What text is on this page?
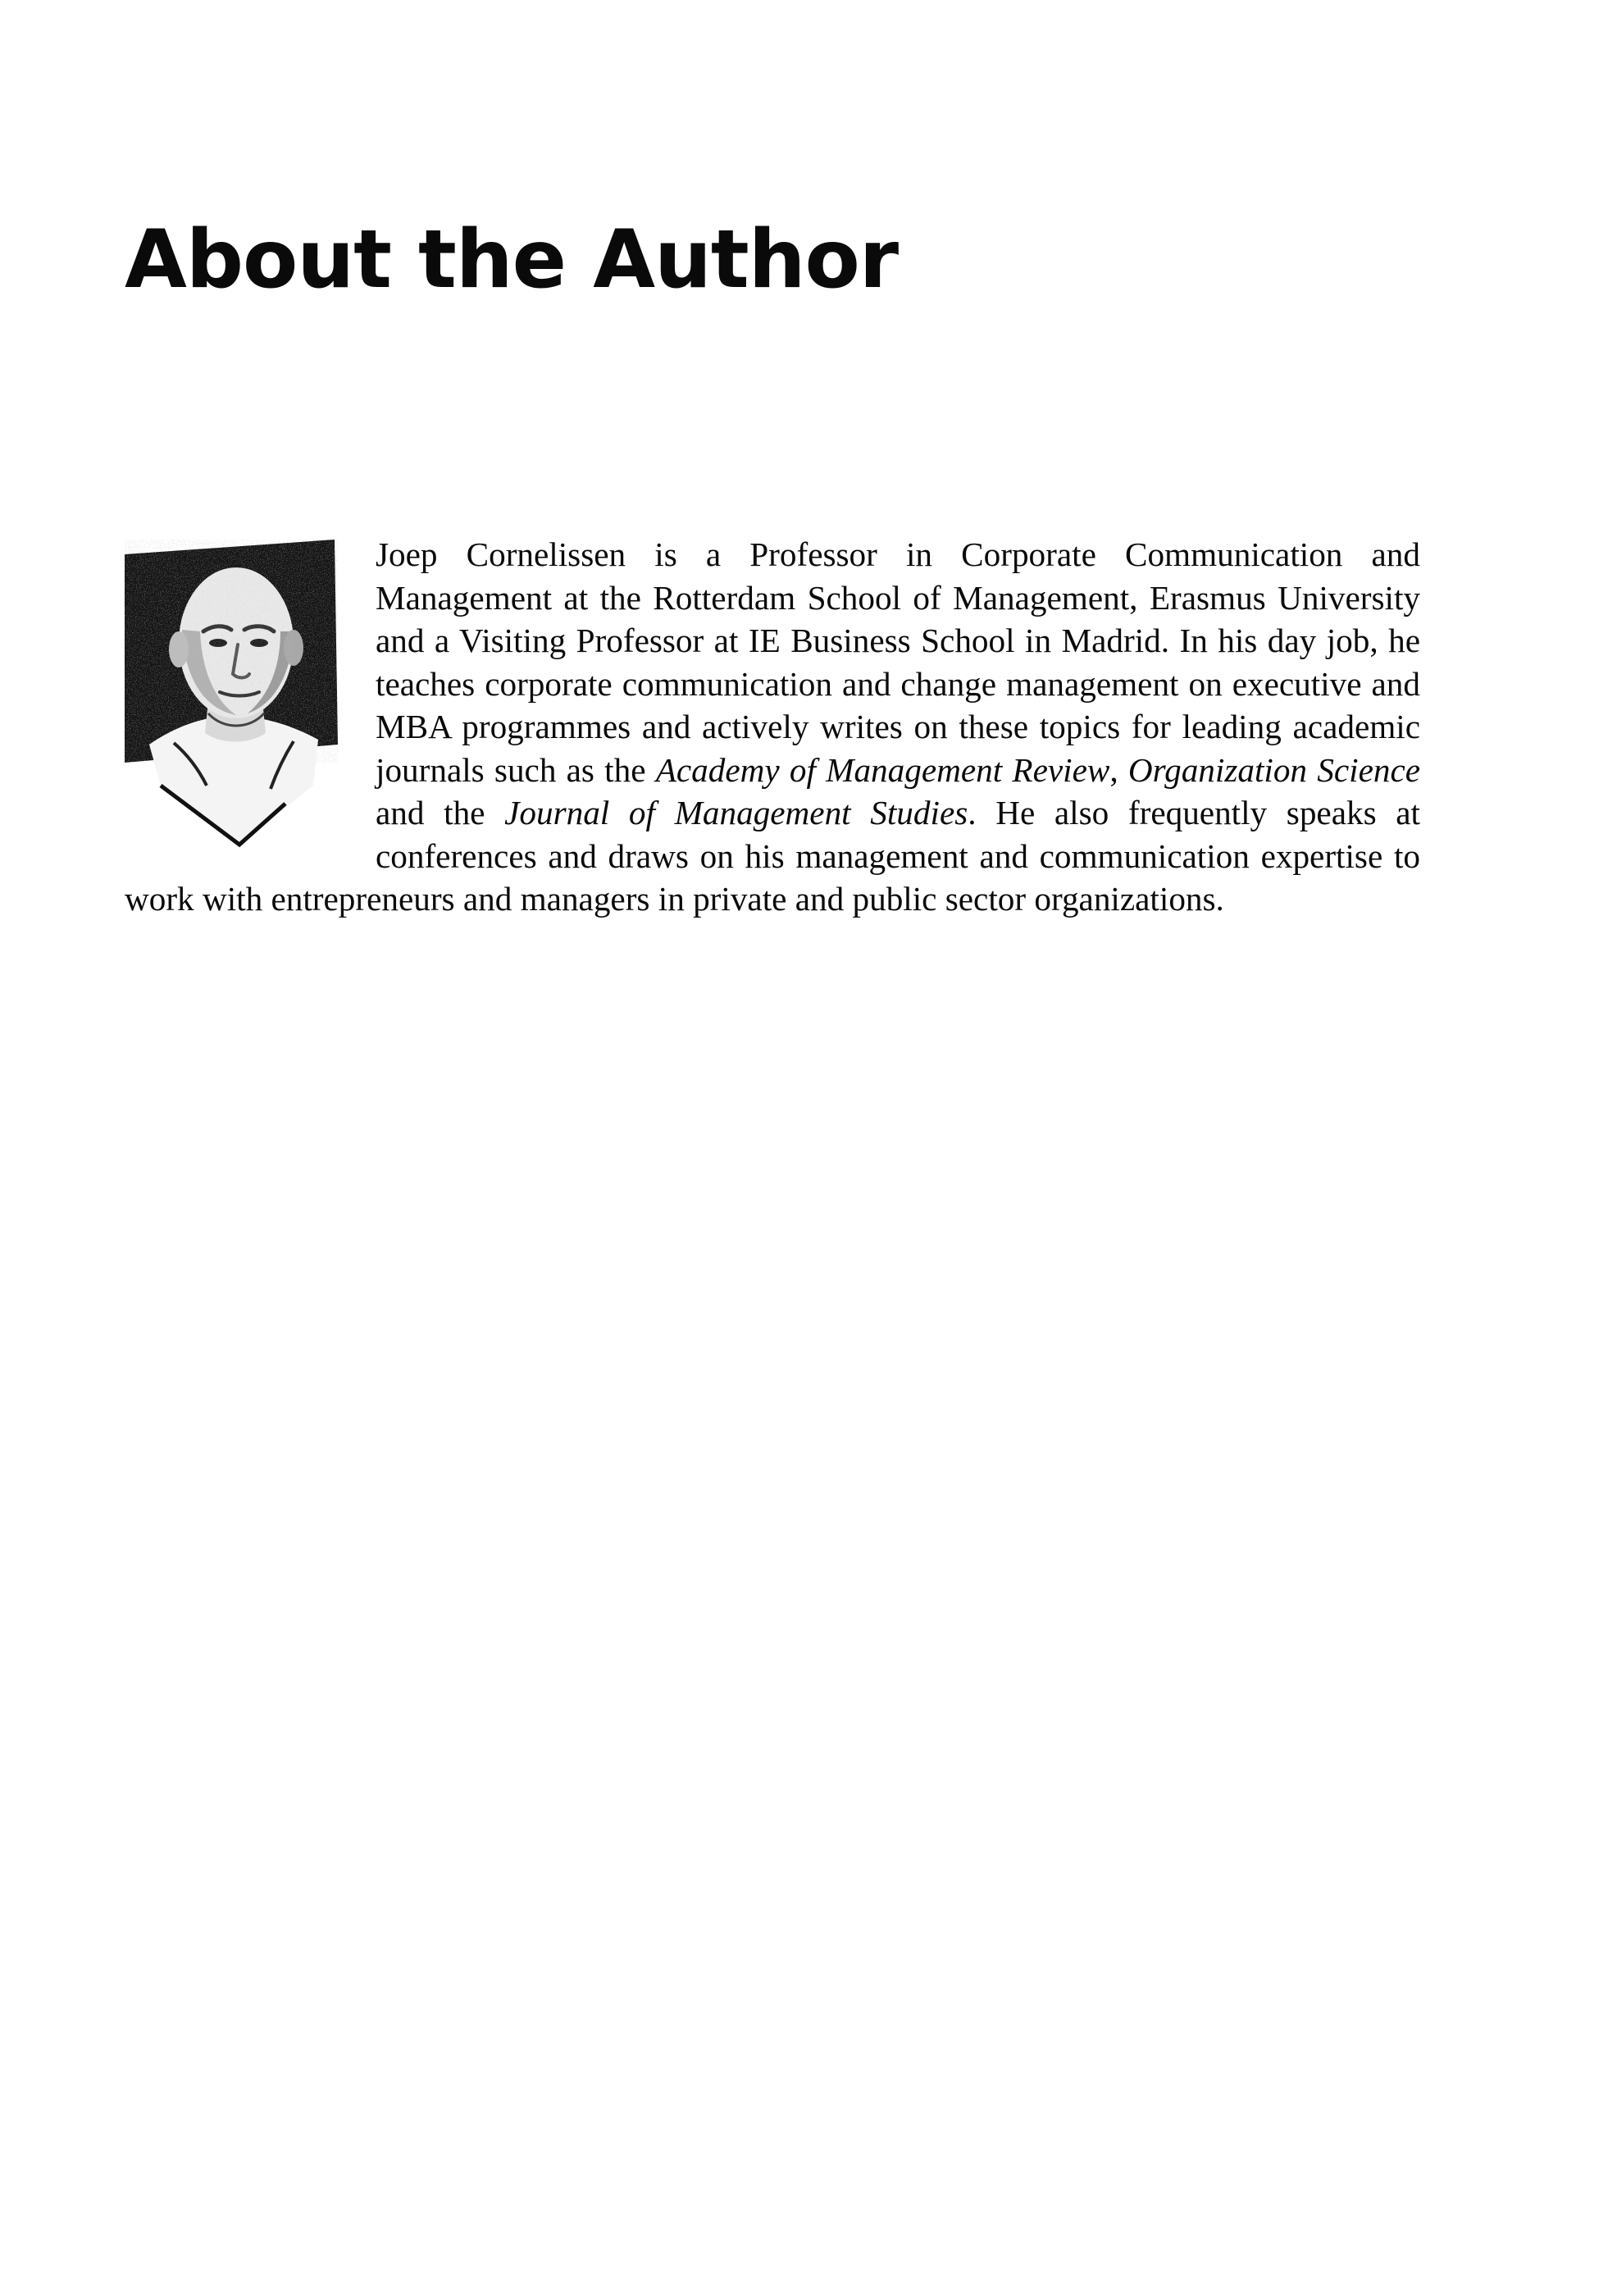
About the Author

Joep Cornelissen is a Professor in Corporate Communication and Management at the Rotterdam School of Management, Erasmus University and a Visiting Professor at IE Business School in Madrid. In his day job, he teaches corporate communication and change management on executive and MBA programmes and actively writes on these topics for leading academic journals such as the Academy of Management Review, Organization Science and the Journal of Management Studies. He also frequently speaks at conferences and draws on his management and communication expertise to work with entrepreneurs and managers in private and public sector organizations.
